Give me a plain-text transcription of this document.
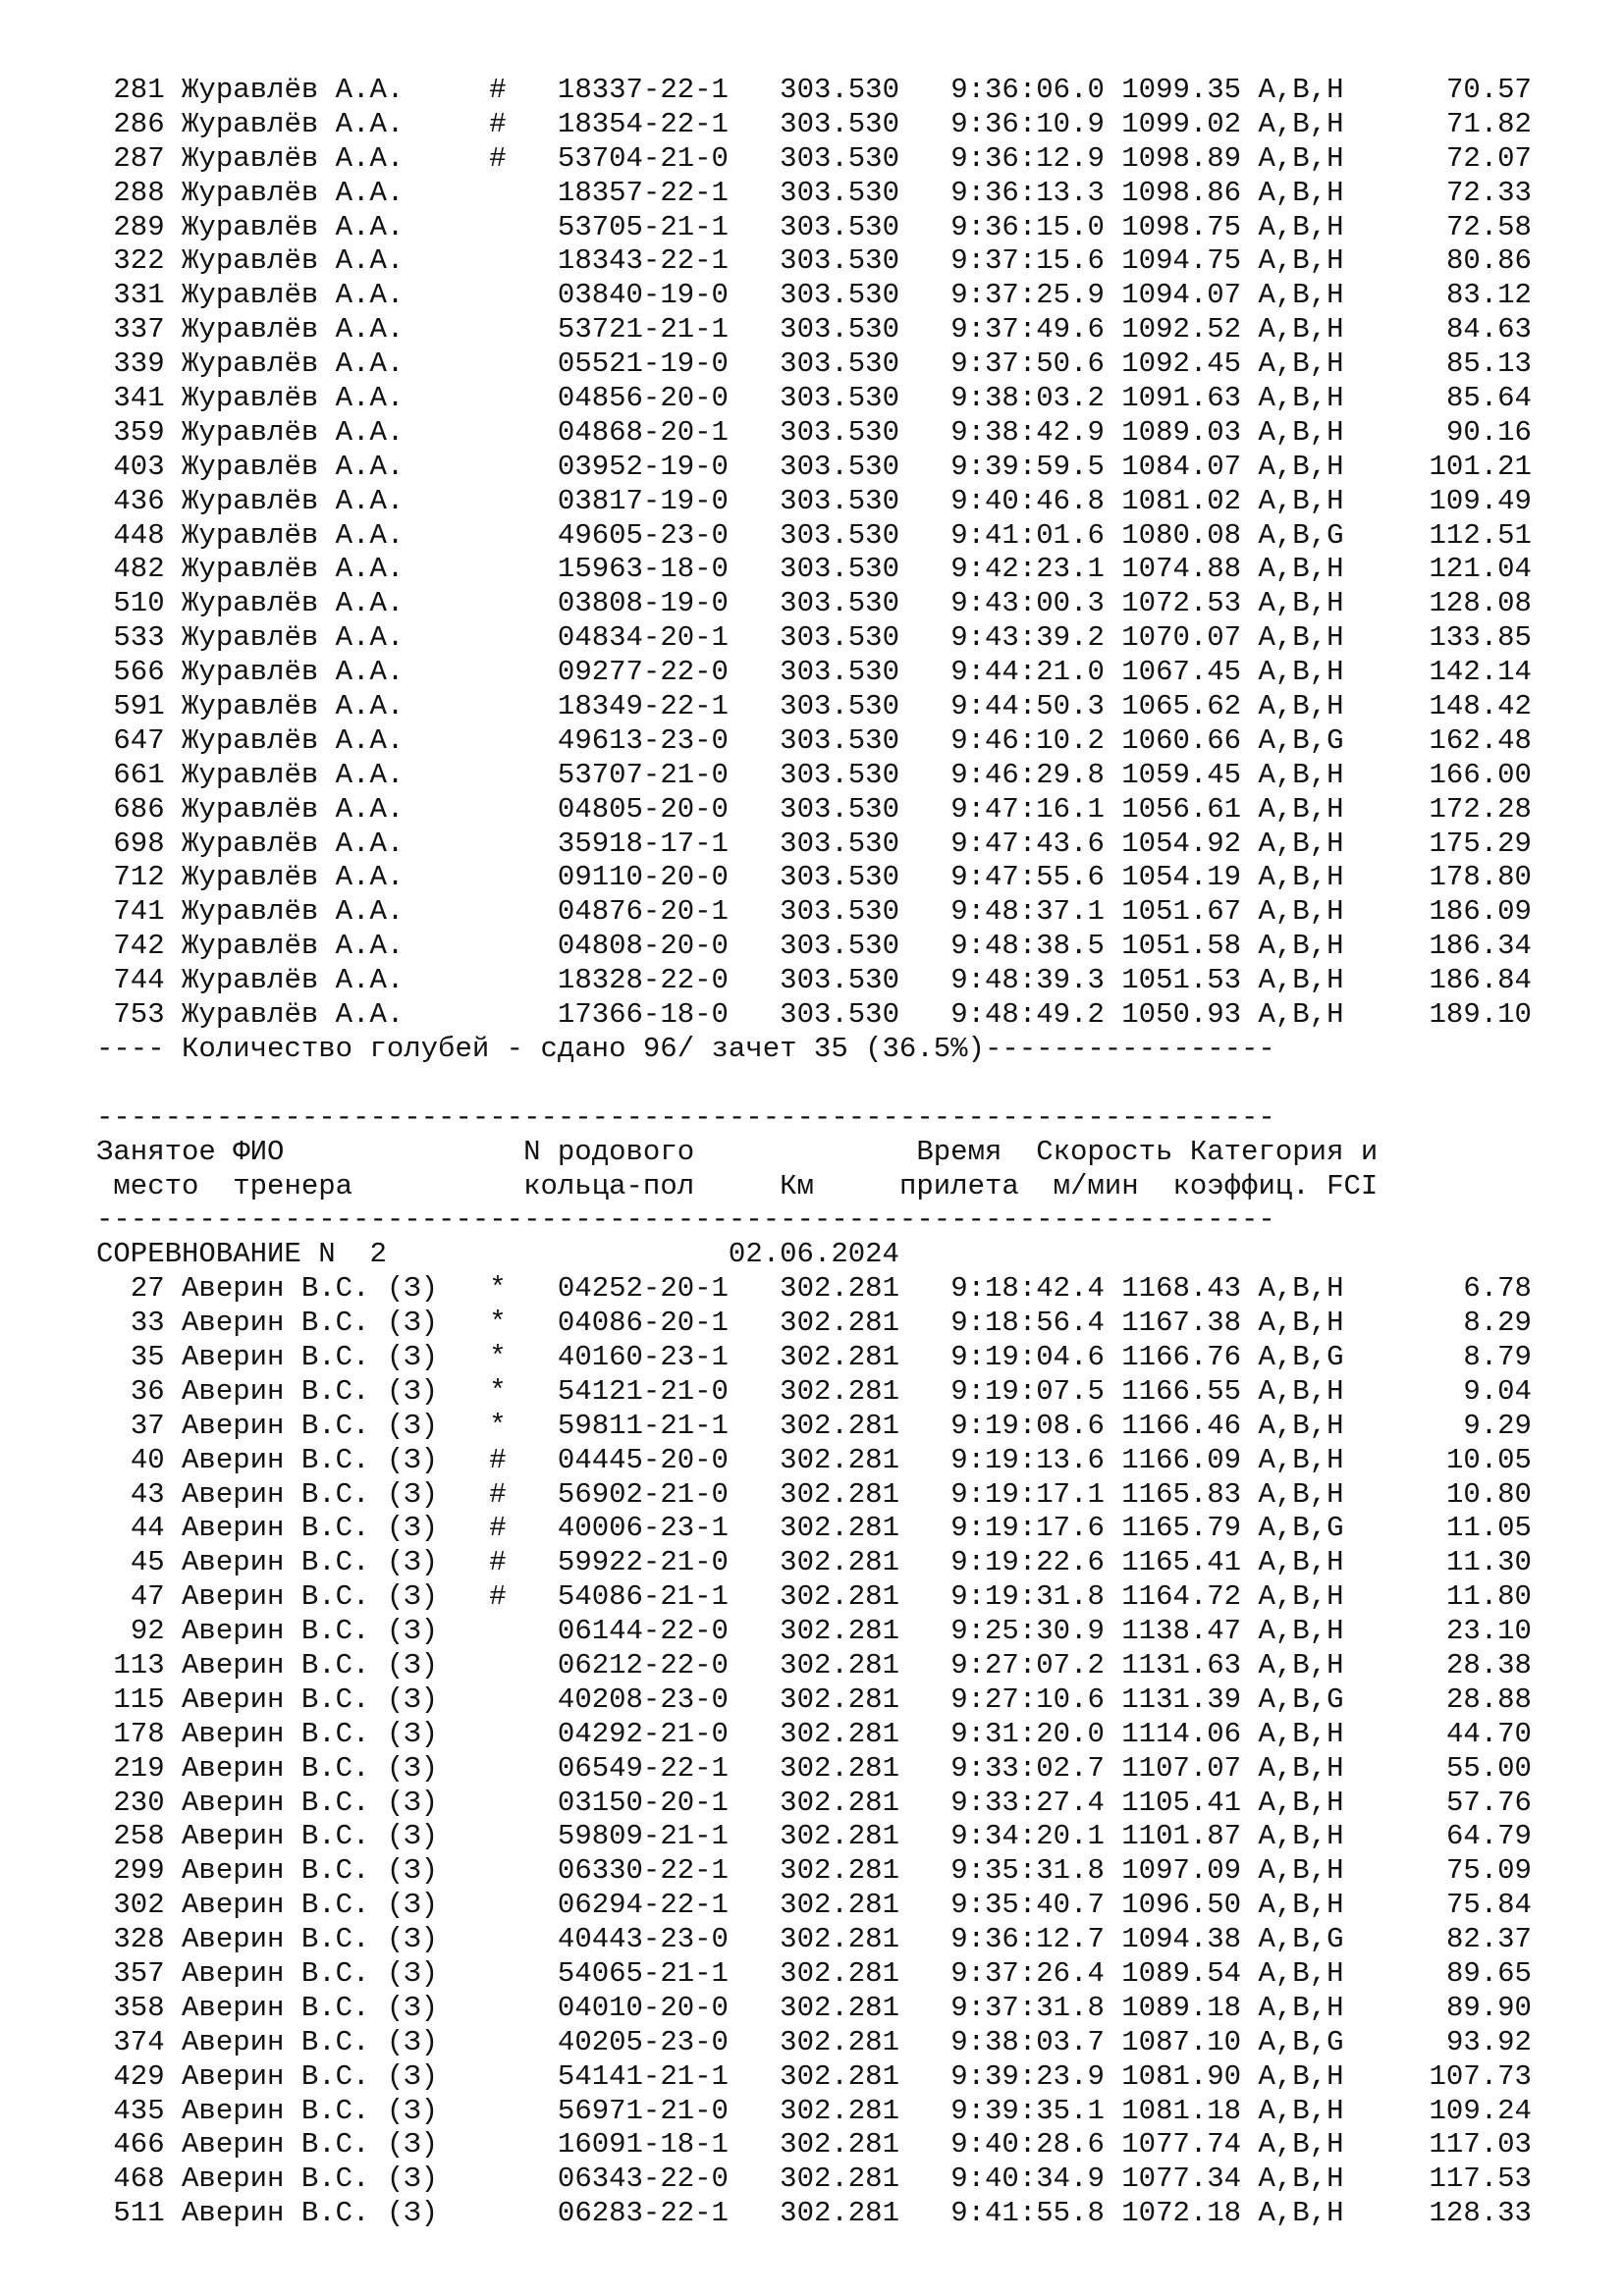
281 Журавлёв А.А.	# 18337-22-1 303.530 9:36:06.0 1099.35 A,B,H	70.57
286 Журавлёв А.А.	# 18354-22-1 303.530 9:36:10.9 1099.02 A,B,H	71.82
287 Журавлёв А.А.	# 53704-21-0 303.530 9:36:12.9 1098.89 A,B,H	72.07
288 Журавлёв А.А.	18357-22-1 303.530 9:36:13.3 1098.86 A,B,H	72.33
289 Журавлёв А.А.	53705-21-1 303.530 9:36:15.0 1098.75 A,B,H	72.58
322 Журавлёв А.А.	18343-22-1 303.530 9:37:15.6 1094.75 A,B,H	80.86
331 Журавлёв А.А.	03840-19-0 303.530 9:37:25.9 1094.07 A,B,H	83.12
337 Журавлёв А.А.	53721-21-1 303.530 9:37:49.6 1092.52 A,B,H	84.63
339 Журавлёв А.А.	05521-19-0 303.530 9:37:50.6 1092.45 A,B,H	85.13
341 Журавлёв А.А.	04856-20-0 303.530 9:38:03.2 1091.63 A,B,H	85.64
359 Журавлёв А.А.	04868-20-1 303.530 9:38:42.9 1089.03 A,B,H	90.16
403 Журавлёв А.А.	03952-19-0 303.530 9:39:59.5 1084.07 A,B,H	101.21
436 Журавлёв А.А.	03817-19-0 303.530 9:40:46.8 1081.02 A,B,H	109.49
448 Журавлёв А.А.	49605-23-0 303.530 9:41:01.6 1080.08 A,B,G	112.51
482 Журавлёв А.А.	15963-18-0 303.530 9:42:23.1 1074.88 A,B,H	121.04
510 Журавлёв А.А.	03808-19-0 303.530 9:43:00.3 1072.53 A,B,H	128.08
533 Журавлёв А.А.	04834-20-1 303.530 9:43:39.2 1070.07 A,B,H	133.85
566 Журавлёв А.А.	09277-22-0 303.530 9:44:21.0 1067.45 A,B,H	142.14
591 Журавлёв А.А.	18349-22-1 303.530 9:44:50.3 1065.62 A,B,H	148.42
647 Журавлёв А.А.	49613-23-0 303.530 9:46:10.2 1060.66 A,B,G	162.48
661 Журавлёв А.А.	53707-21-0 303.530 9:46:29.8 1059.45 A,B,H	166.00
686 Журавлёв А.А.	04805-20-0 303.530 9:47:16.1 1056.61 A,B,H	172.28
698 Журавлёв А.А.	35918-17-1 303.530 9:47:43.6 1054.92 A,B,H	175.29
712 Журавлёв А.А.	09110-20-0 303.530 9:47:55.6 1054.19 A,B,H	178.80
741 Журавлёв А.А.	04876-20-1 303.530 9:48:37.1 1051.67 A,B,H	186.09
742 Журавлёв А.А.	04808-20-0 303.530 9:48:38.5 1051.58 A,B,H	186.34
744 Журавлёв А.А.	18328-22-0 303.530 9:48:39.3 1051.53 A,B,H	186.84
753 Журавлёв А.А.	17366-18-0 303.530 9:48:49.2 1050.93 A,B,H	189.10
---- Количество голубей - сдано 96/ зачет 35 (36.5%)-----------------
---------------------------------------------------------------------
Занятое ФИО	N родового	Время Скорость Категория и
место тренера	кольца-пол	Км	прилета м/мин коэффиц. FCI
---------------------------------------------------------------------
СОРЕВНОВАНИЕ N 2	02.06.2024
27 Аверин В.С. (З) * 04252-20-1 302.281 9:18:42.4 1168.43 A,B,H	6.78
33 Аверин В.С. (З) * 04086-20-1 302.281 9:18:56.4 1167.38 A,B,H	8.29
35 Аверин В.С. (З) * 40160-23-1 302.281 9:19:04.6 1166.76 A,B,G	8.79
36 Аверин В.С. (З) * 54121-21-0 302.281 9:19:07.5 1166.55 A,B,H	9.04
37 Аверин В.С. (З) * 59811-21-1 302.281 9:19:08.6 1166.46 A,B,H	9.29
40 Аверин В.С. (З) # 04445-20-0 302.281 9:19:13.6 1166.09 A,B,H	10.05
43 Аверин В.С. (З) # 56902-21-0 302.281 9:19:17.1 1165.83 A,B,H	10.80
44 Аверин В.С. (З) # 40006-23-1 302.281 9:19:17.6 1165.79 A,B,G	11.05
45 Аверин В.С. (З) # 59922-21-0 302.281 9:19:22.6 1165.41 A,B,H	11.30
47 Аверин В.С. (З) # 54086-21-1 302.281 9:19:31.8 1164.72 A,B,H	11.80
92 Аверин В.С. (З)	06144-22-0 302.281 9:25:30.9 1138.47 A,B,H	23.10
113 Аверин В.С. (З)	06212-22-0 302.281 9:27:07.2 1131.63 A,B,H	28.38
115 Аверин В.С. (З)	40208-23-0 302.281 9:27:10.6 1131.39 A,B,G	28.88
178 Аверин В.С. (З)	04292-21-0 302.281 9:31:20.0 1114.06 A,B,H	44.70
219 Аверин В.С. (З)	06549-22-1 302.281 9:33:02.7 1107.07 A,B,H	55.00
230 Аверин В.С. (З)	03150-20-1 302.281 9:33:27.4 1105.41 A,B,H	57.76
258 Аверин В.С. (З)	59809-21-1 302.281 9:34:20.1 1101.87 A,B,H	64.79
299 Аверин В.С. (З)	06330-22-1 302.281 9:35:31.8 1097.09 A,B,H	75.09
302 Аверин В.С. (З)	06294-22-1 302.281 9:35:40.7 1096.50 A,B,H	75.84
328 Аверин В.С. (З)	40443-23-0 302.281 9:36:12.7 1094.38 A,B,G	82.37
357 Аверин В.С. (З)	54065-21-1 302.281 9:37:26.4 1089.54 A,B,H	89.65
358 Аверин В.С. (З)	04010-20-0 302.281 9:37:31.8 1089.18 A,B,H	89.90
374 Аверин В.С. (З)	40205-23-0 302.281 9:38:03.7 1087.10 A,B,G	93.92
429 Аверин В.С. (З)	54141-21-1 302.281 9:39:23.9 1081.90 A,B,H	107.73
435 Аверин В.С. (З)	56971-21-0 302.281 9:39:35.1 1081.18 A,B,H	109.24
466 Аверин В.С. (З)	16091-18-1 302.281 9:40:28.6 1077.74 A,B,H	117.03
468 Аверин В.С. (З)	06343-22-0 302.281 9:40:34.9 1077.34 A,B,H	117.53
511 Аверин В.С. (З)	06283-22-1 302.281 9:41:55.8 1072.18 A,B,H	128.33
